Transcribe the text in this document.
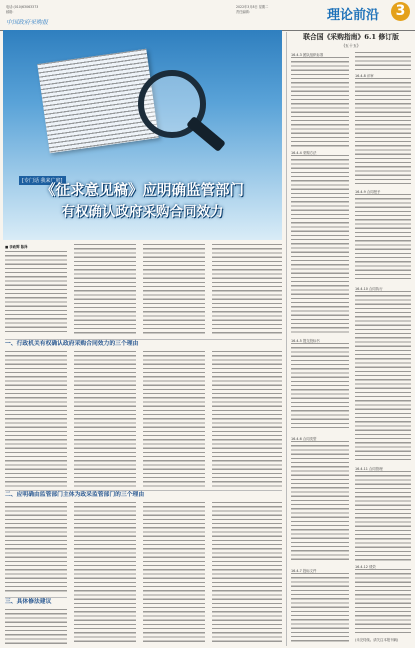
电话:(010)63063373
邮箱:
中国政府采购报
2022年3月8日 星期二
责任编辑:	理论前沿	3
[专门话 我来广庭]
《征求意见稿》应明确监管部门
有权确认政府采购合同效力
■ 李政辉 陈泽
一、行政机关有权确认政府采购合同效力的三个理由
二、应明确由监管部门主体为政采监管部门的三个理由
三、具体修法建议
联合国《采购指南》6.1 修订版
(五十五)
16.4.3 团队组织标准
16.4.4 采购方法
16.4.5 提交投标书
16.4.6 合同类型
16.4.7 投标文件
16.4.8 评审
16.4.9 合同授予
16.4.10 合同执行
16.4.11 合同管理
16.4.12 绩效
(未完待续。请关注本报刊载)
